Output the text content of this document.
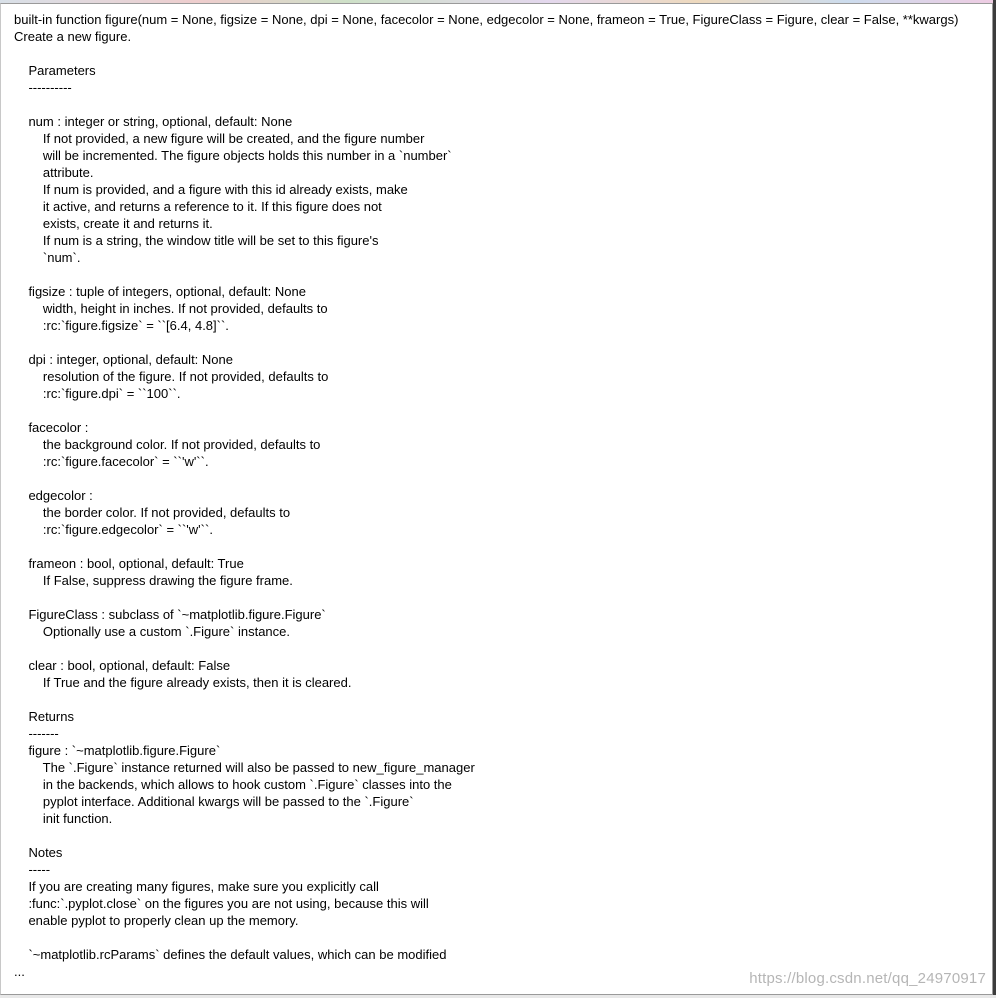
built-in function figure(num = None, figsize = None, dpi = None, facecolor = None, edgecolor = None, frameon = True, FigureClass = Figure, clear = False, **kwargs)
Create a new figure.

Parameters
----------

num : integer or string, optional, default: None
If not provided, a new figure will be created, and the figure number
will be incremented. The figure objects holds this number in a `number`
attribute.
If num is provided, and a figure with this id already exists, make
it active, and returns a reference to it. If this figure does not
exists, create it and returns it.
If num is a string, the window title will be set to this figure's
`num`.

figsize : tuple of integers, optional, default: None
width, height in inches. If not provided, defaults to
:rc:`figure.figsize` = ``[6.4, 4.8]``.

dpi : integer, optional, default: None
resolution of the figure. If not provided, defaults to
:rc:`figure.dpi` = ``100``.

facecolor :
the background color. If not provided, defaults to
:rc:`figure.facecolor` = ``'w'``.

edgecolor :
the border color. If not provided, defaults to
:rc:`figure.edgecolor` = ``'w'``.

frameon : bool, optional, default: True
If False, suppress drawing the figure frame.

FigureClass : subclass of `~matplotlib.figure.Figure`
Optionally use a custom `.Figure` instance.

clear : bool, optional, default: False
If True and the figure already exists, then it is cleared.

Returns
-------
figure : `~matplotlib.figure.Figure`
The `.Figure` instance returned will also be passed to new_figure_manager
in the backends, which allows to hook custom `.Figure` classes into the
pyplot interface. Additional kwargs will be passed to the `.Figure`
init function.

Notes
-----
If you are creating many figures, make sure you explicitly call
:func:`.pyplot.close` on the figures you are not using, because this will
enable pyplot to properly clean up the memory.

`~matplotlib.rcParams` defines the default values, which can be modified
...	https://blog.csdn.net/qq_24970917
